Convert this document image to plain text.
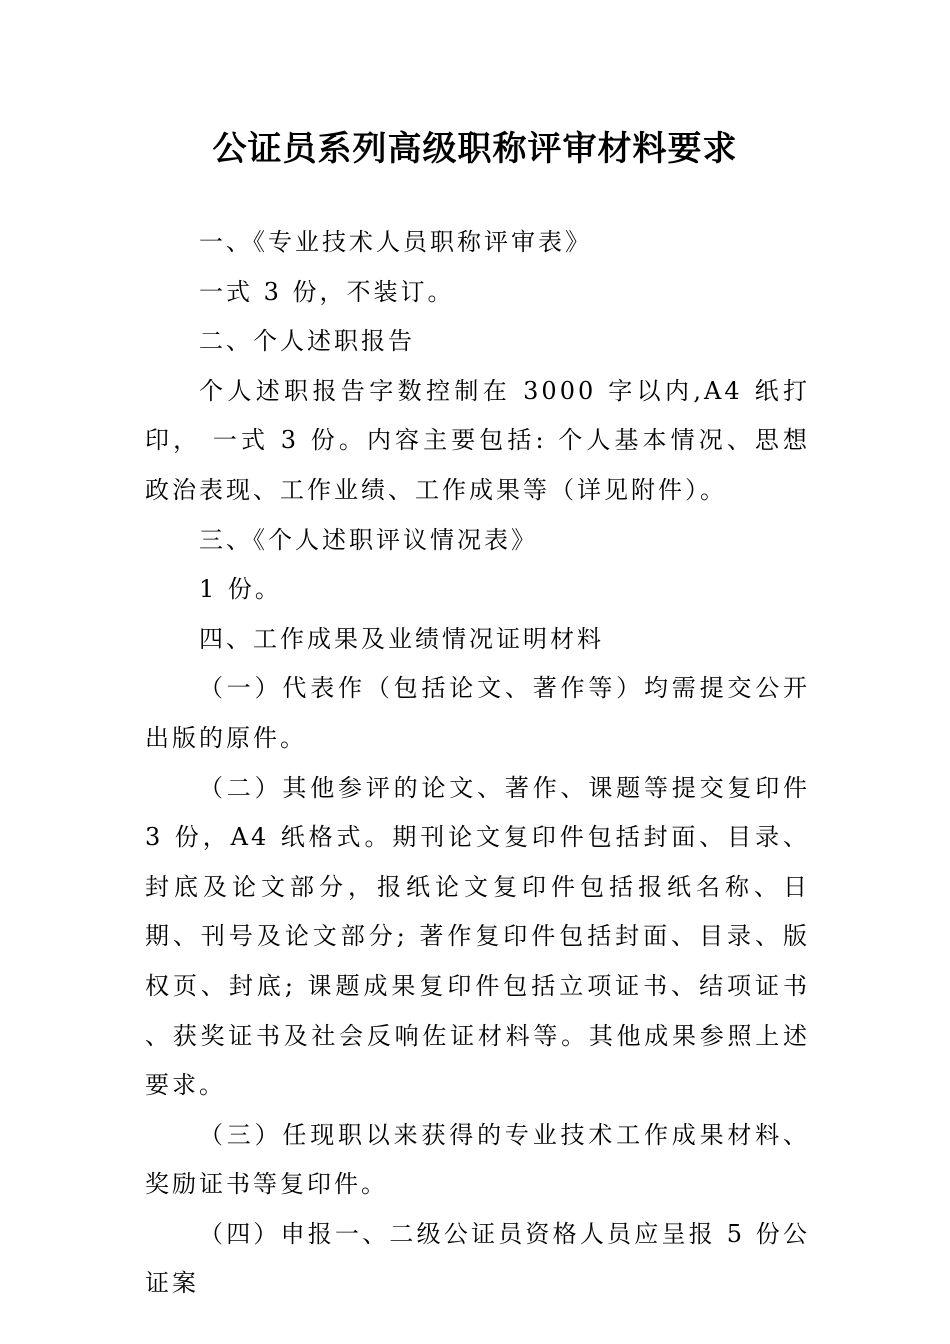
公证员系列高级职称评审材料要求

一、《专业技术人员职称评审表》

一式 3 份，不装订。

二、个人述职报告

个人述职报告字数控制在 3000 字以内,A4 纸打印， 一式 3 份。内容主要包括: 个人基本情况、思想政治表现、工作业绩、工作成果等（详见附件）。

三、《个人述职评议情况表》

1 份。

四、工作成果及业绩情况证明材料

（一）代表作（包括论文、著作等）均需提交公开出版的原件。

（二）其他参评的论文、著作、课题等提交复印件 3 份，A4 纸格式。期刊论文复印件包括封面、目录、封底及论文部分，报纸论文复印件包括报纸名称、日期、刊号及论文部分; 著作复印件包括封面、目录、版权页、封底; 课题成果复印件包括立项证书、结项证书 、获奖证书及社会反响佐证材料等。其他成果参照上述要求。

（三）任现职以来获得的专业技术工作成果材料、奖励证书等复印件。

（四）申报一、二级公证员资格人员应呈报 5 份公证案
